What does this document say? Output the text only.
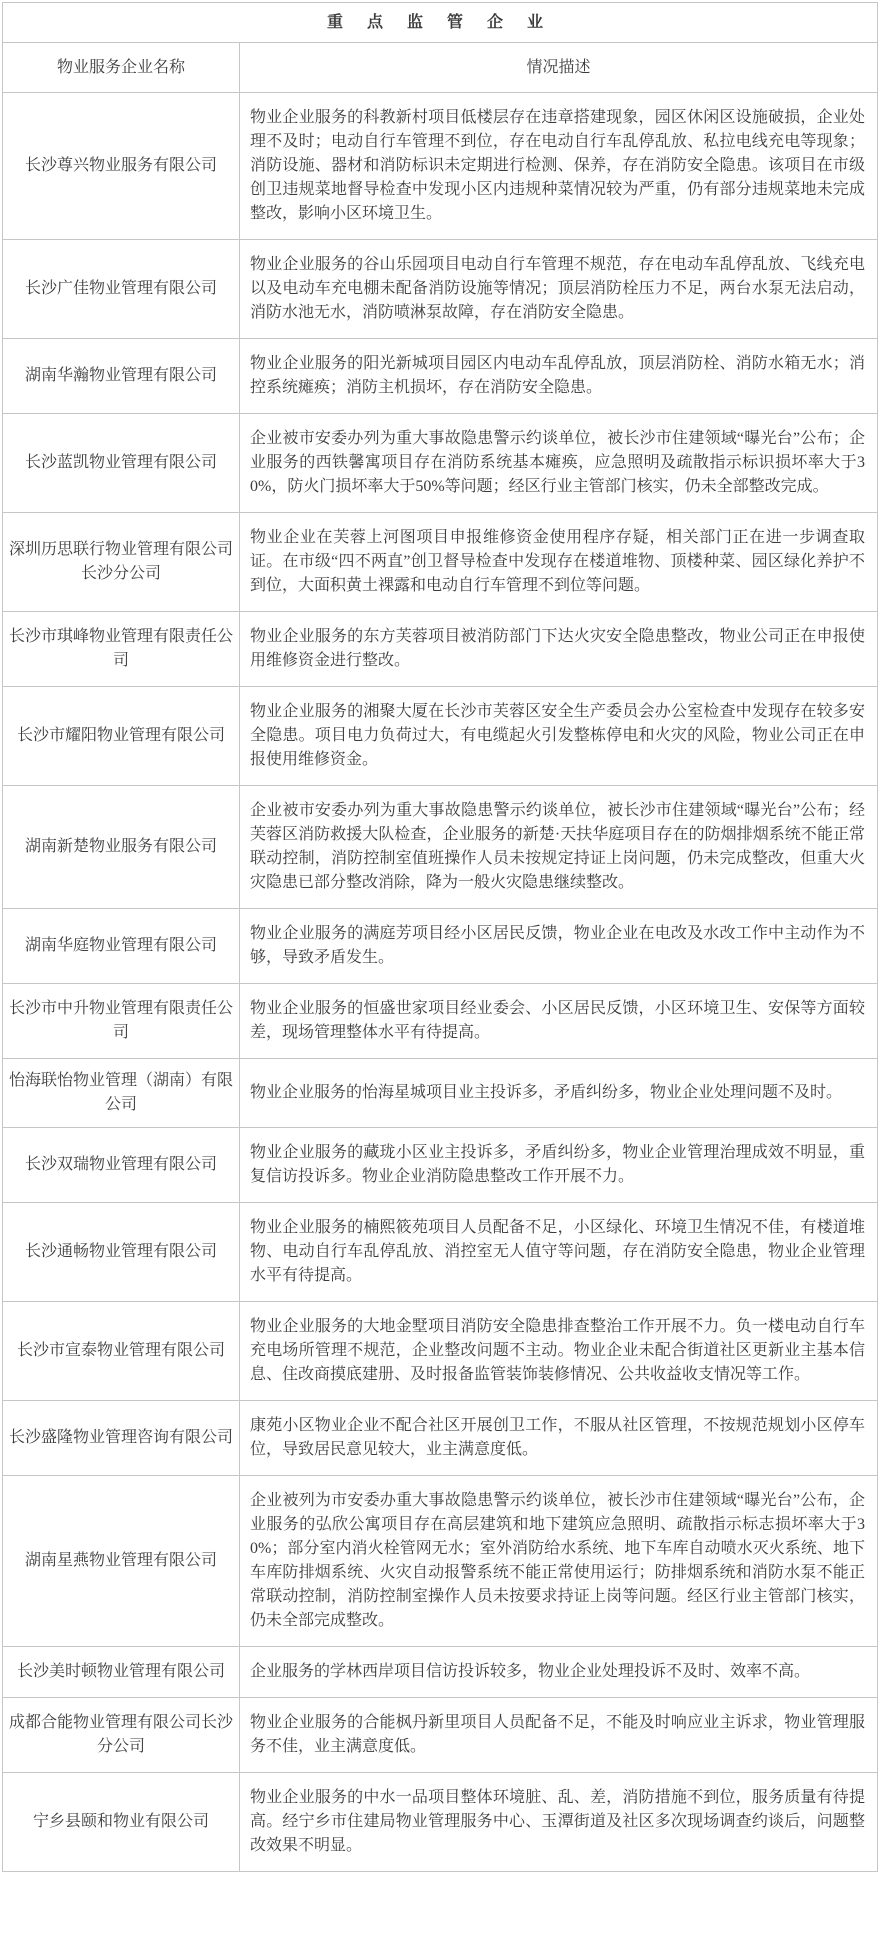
重 点 监 管 企 业	
物业服务企业名称	情况描述
长沙尊兴物业服务有限公司	物业企业服务的科教新村项目低楼层存在违章搭建现象，园区休闲区设施破损，企业处理不及时；电动自行车管理不到位，存在电动自行车乱停乱放、私拉电线充电等现象；消防设施、器材和消防标识未定期进行检测、保养，存在消防安全隐患。该项目在市级创卫违规菜地督导检查中发现小区内违规种菜情况较为严重，仍有部分违规菜地未完成整改，影响小区环境卫生。
长沙广佳物业管理有限公司	物业企业服务的谷山乐园项目电动自行车管理不规范，存在电动车乱停乱放、飞线充电以及电动车充电棚未配备消防设施等情况；顶层消防栓压力不足，两台水泵无法启动，消防水池无水，消防喷淋泵故障，存在消防安全隐患。
湖南华瀚物业管理有限公司	物业企业服务的阳光新城项目园区内电动车乱停乱放，顶层消防栓、消防水箱无水；消控系统瘫痪；消防主机损坏，存在消防安全隐患。
长沙蓝凯物业管理有限公司	企业被市安委办列为重大事故隐患警示约谈单位，被长沙市住建领域“曝光台”公布；企业服务的西铁馨寓项目存在消防系统基本瘫痪，应急照明及疏散指示标识损坏率大于30%，防火门损坏率大于50%等问题；经区行业主管部门核实，仍未全部整改完成。
深圳历思联行物业管理有限公司长沙分公司	物业企业在芙蓉上河图项目申报维修资金使用程序存疑，相关部门正在进一步调查取证。在市级“四不两直”创卫督导检查中发现存在楼道堆物、顶楼种菜、园区绿化养护不到位，大面积黄土裸露和电动自行车管理不到位等问题。
长沙市琪峰物业管理有限责任公司	物业企业服务的东方芙蓉项目被消防部门下达火灾安全隐患整改，物业公司正在申报使用维修资金进行整改。
长沙市耀阳物业管理有限公司	物业企业服务的湘聚大厦在长沙市芙蓉区安全生产委员会办公室检查中发现存在较多安全隐患。项目电力负荷过大，有电缆起火引发整栋停电和火灾的风险，物业公司正在申报使用维修资金。
湖南新楚物业服务有限公司	企业被市安委办列为重大事故隐患警示约谈单位，被长沙市住建领域“曝光台”公布；经芙蓉区消防救援大队检查，企业服务的新楚·天扶华庭项目存在的防烟排烟系统不能正常联动控制，消防控制室值班操作人员未按规定持证上岗问题，仍未完成整改，但重大火灾隐患已部分整改消除，降为一般火灾隐患继续整改。
湖南华庭物业管理有限公司	物业企业服务的满庭芳项目经小区居民反馈，物业企业在电改及水改工作中主动作为不够，导致矛盾发生。
长沙市中升物业管理有限责任公司	物业企业服务的恒盛世家项目经业委会、小区居民反馈，小区环境卫生、安保等方面较差，现场管理整体水平有待提高。
怡海联怡物业管理（湖南）有限公司	物业企业服务的怡海星城项目业主投诉多，矛盾纠纷多，物业企业处理问题不及时。
长沙双瑞物业管理有限公司	物业企业服务的藏珑小区业主投诉多，矛盾纠纷多，物业企业管理治理成效不明显，重复信访投诉多。物业企业消防隐患整改工作开展不力。
长沙通畅物业管理有限公司	物业企业服务的楠熙筱苑项目人员配备不足，小区绿化、环境卫生情况不佳，有楼道堆物、电动自行车乱停乱放、消控室无人值守等问题，存在消防安全隐患，物业企业管理水平有待提高。
长沙市宣泰物业管理有限公司	物业企业服务的大地金墅项目消防安全隐患排查整治工作开展不力。负一楼电动自行车充电场所管理不规范，企业整改问题不主动。物业企业未配合街道社区更新业主基本信息、住改商摸底建册、及时报备监管装饰装修情况、公共收益收支情况等工作。
长沙盛隆物业管理咨询有限公司	康苑小区物业企业不配合社区开展创卫工作，不服从社区管理，不按规范规划小区停车位，导致居民意见较大，业主满意度低。
湖南星燕物业管理有限公司	企业被列为市安委办重大事故隐患警示约谈单位，被长沙市住建领域“曝光台”公布，企业服务的弘欣公寓项目存在高层建筑和地下建筑应急照明、疏散指示标志损坏率大于30%；部分室内消火栓管网无水；室外消防给水系统、地下车库自动喷水灭火系统、地下车库防排烟系统、火灾自动报警系统不能正常使用运行；防排烟系统和消防水泵不能正常联动控制，消防控制室操作人员未按要求持证上岗等问题。经区行业主管部门核实，仍未全部完成整改。
长沙美时顿物业管理有限公司	企业服务的学林西岸项目信访投诉较多，物业企业处理投诉不及时、效率不高。
成都合能物业管理有限公司长沙分公司	物业企业服务的合能枫丹新里项目人员配备不足，不能及时响应业主诉求，物业管理服务不佳，业主满意度低。
宁乡县颐和物业有限公司	物业企业服务的中水一品项目整体环境脏、乱、差，消防措施不到位，服务质量有待提高。经宁乡市住建局物业管理服务中心、玉潭街道及社区多次现场调查约谈后，问题整改效果不明显。
